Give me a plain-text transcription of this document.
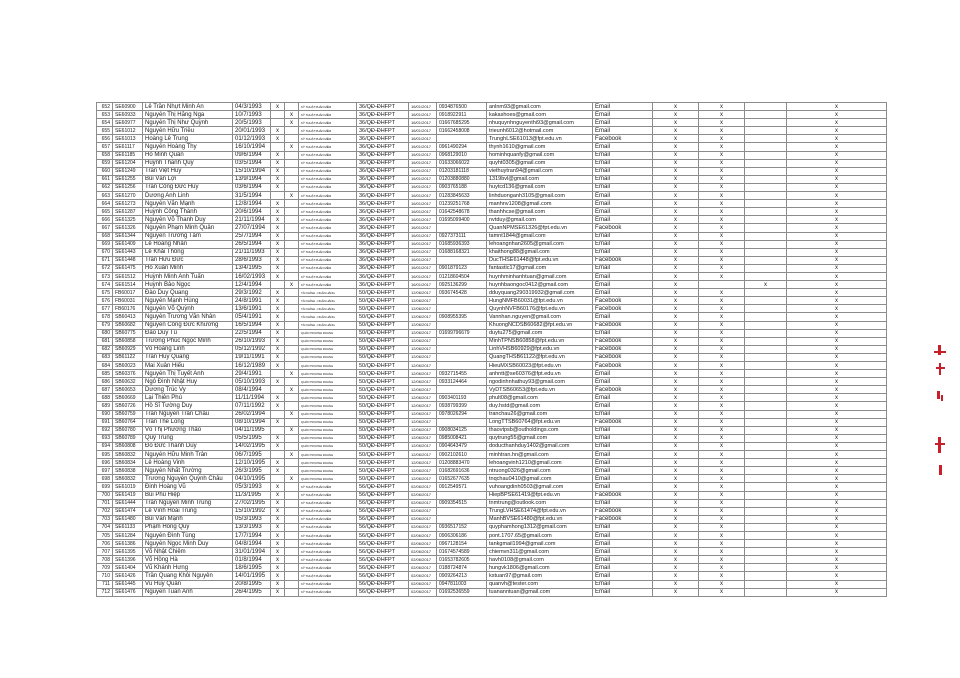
652	SE60900	Lê Trần Nhựt Minh An	04/3/1993	x		KỸ THUẬT PHẦN MỀM	36/QĐ-ĐHFPT	16/01/2017	0934876500	anlnm93@gmail.com	Email	x	x		x
653	SE60933	Nguyễn Thị Hằng Nga	10/7/1993		x	KỸ THUẬT PHẦN MỀM	36/QĐ-ĐHFPT	16/01/2017	0918922911	kakashoes@gmail.com	Email	x	x		x
654	SE60977	Nguyễn Thị Như Quỳnh	20/5/1993		x	KỸ THUẬT PHẦN MỀM	36/QĐ-ĐHFPT	16/01/2017	01667685295	nhuquynhnguyenthi93@gmail.com	Email	x	x		x
655	SE61012	Nguyễn Hữu Triều	20/01/1993	x		KỸ THUẬT PHẦN MỀM	36/QĐ-ĐHFPT	16/01/2017	01662458008	trieunh6012@hotmail.com	Email	x	x		x
656	SE61013	Hoàng Lê Trung	01/12/1993	x		KỸ THUẬT PHẦN MỀM	36/QĐ-ĐHFPT	16/01/2017		TrunghLSE61013@fpt.edu.vn	Facebook	x	x		x
657	SE61117	Nguyễn Hoàng Thy	16/10/1994		x	KỸ THUẬT PHẦN MỀM	36/QĐ-ĐHFPT	16/01/2017	0961490294	thynh1610@gmail.com	Email	x	x		x
658	SE61185	Hồ Minh Quân	09/6/1994	x		KỸ THUẬT PHẦN MỀM	36/QĐ-ĐHFPT	16/01/2017	0968129010	hominhquanfy@gmail.com	Email	x	x		x
659	SE61204	Huỳnh Thanh Quý	03/5/1994	x		KỸ THUẬT PHẦN MỀM	36/QĐ-ĐHFPT	16/01/2017	01633066022	quyht0305@gmail.com	Email	x	x		x
660	SE61249	Trần Việt Huy	15/10/1994	x		KỸ THUẬT PHẦN MỀM	36/QĐ-ĐHFPT	16/01/2017	01203181118	viethuytran94@gmail.com	Email	x	x		x
661	SE61255	Bùi Văn Lợi	13/9/1994	x		KỸ THUẬT PHẦN MỀM	36/QĐ-ĐHFPT	16/01/2017	01203880880	1319bvl@gmail.com	Email	x	x		x
662	SE61256	Trần Công Đức Huy	03/6/1994	x		KỸ THUẬT PHẦN MỀM	36/QĐ-ĐHFPT	16/01/2017	0903765188	huytcd136@gmail.com	Email	x	x		x
663	SE61270	Dương Anh Linh	31/5/1994		x	KỸ THUẬT PHẦN MỀM	36/QĐ-ĐHFPT	16/01/2017	01283845633	linhduonganh3105@gmail.com	Email	x	x		x
664	SE61273	Nguyễn Văn Mạnh	12/8/1994	x		KỸ THUẬT PHẦN MỀM	36/QĐ-ĐHFPT	16/01/2017	01239251768	manhnv1208@gmail.com	Email	x	x		x
665	SE61287	Huỳnh Công Thành	20/6/1994	x		KỸ THUẬT PHẦN MỀM	36/QĐ-ĐHFPT	16/01/2017	01642548678	thanhhcse@gmail.com	Email	x	x		x
666	SE61325	Nguyễn Võ Thanh Duy	21/11/1994	x		KỸ THUẬT PHẦN MỀM	36/QĐ-ĐHFPT	16/01/2017	01695099400	nvtduy@gmail.com	Email	x	x		x
667	SE61326	Nguyễn Phạm Minh Quân	27/07/1994	x		KỸ THUẬT PHẦN MỀM	36/QĐ-ĐHFPT	16/01/2017		QuanNPMSE61326@fpt.edu.vn	Facebook	x	x		x
668	SE61344	Nguyễn Trường Tâm	25/7/1994	x		KỸ THUẬT PHẦN MỀM	36/QĐ-ĐHFPT	16/01/2017	0927373111	tamnt1844@gmail.com	Email	x	x		x
669	SE61409	Lê Hoàng Nhân	26/5/1994	x		KỸ THUẬT PHẦN MỀM	36/QĐ-ĐHFPT	16/01/2017	01685936393	lehoangnhan2605@gmail.com	Email	x	x		x
670	SE61443	Lê Khải Thông	21/11/1993	x		KỸ THUẬT PHẦN MỀM	36/QĐ-ĐHFPT	16/01/2017	01688168321	khaithong88@gmail.com	Email	x	x		x
671	SE61448	Trần Hữu Đức	28/6/1993	x		KỸ THUẬT PHẦN MỀM	36/QĐ-ĐHFPT	16/01/2017		DucTHSE61448@fpt.edu.vn	Facebook	x	x		x
672	SE61475	Hồ Xuân Minh	13/4/1995	x		KỸ THUẬT PHẦN MỀM	36/QĐ-ĐHFPT	16/01/2017	0901879123	fantastic17@gmail.com	Email	x	x		x
673	SE61512	Huỳnh Minh Anh Tuấn	16/02/1993	x		KỸ THUẬT PHẦN MỀM	36/QĐ-ĐHFPT	16/01/2017	01218604504	huynhminhanhtuan@gmail.com	Email	x	x		x
674	SE61514	Huỳnh Bảo Ngọc	12/4/1994		x	KỸ THUẬT PHẦN MỀM	36/QĐ-ĐHFPT	16/01/2017	0925136299	huynhbaongoc0412@gmail.com	Email	x		x	x
675	FB60017	Đào Duy Quang	29/3/1992	x		TÀI CHÍNH - NGÂN HÀNG	50/QĐ-ĐHFPT	12/06/2017	0936745428	dduyquang290319932@gmail.com	Email	x	x		x
676	FB60031	Nguyễn Mạnh Hùng	24/8/1991	x		TÀI CHÍNH - NGÂN HÀNG	50/QĐ-ĐHFPT	12/06/2017		HungNMFB60031@fpt.edu.vn	Facebook	x	x		x
677	FB60176	Nguyễn Võ Quỳnh	13/6/1991	x		TÀI CHÍNH - NGÂN HÀNG	50/QĐ-ĐHFPT	12/06/2017		QuynhNVFB60176@fpt.edu.vn	Facebook	x	x		x
678	SB60413	Nguyễn Trương Văn Nhân	05/4/1991	x		TÀI CHÍNH - NGÂN HÀNG	50/QĐ-ĐHFPT	12/06/2017	0908955395	Vannhan.nguyen@gmail.com	Email	x	x		x
679	SB60682	Nguyễn Công Đức Khương	16/5/1994	x		TÀI CHÍNH - NGÂN HÀNG	50/QĐ-ĐHFPT	12/06/2017		KhuongNCDSB60682@fpt.edu.vn	Facebook	x	x		x
680	SB60775	Đào Duy Tú	22/5/1994	x		QUẢN TRỊ KINH DOANH	50/QĐ-ĐHFPT	12/06/2017	01699796679	duytu275@gmail.com	Email	x	x		x
681	SB60858	Trương Phúc Ngọc Minh	26/10/1993	x		QUẢN TRỊ KINH DOANH	50/QĐ-ĐHFPT	12/06/2017		MinhTPNSB60858@fpt.edu.vn	Facebook	x	x		x
682	SB60929	Võ Hoàng Linh	05/12/1992	x		QUẢN TRỊ KINH DOANH	50/QĐ-ĐHFPT	12/06/2017		LinhVHSB60929@fpt.edu.vn	Facebook	x	x		x
683	SB61122	Trần Huy Quang	19/11/1991	x		QUẢN TRỊ KINH DOANH	50/QĐ-ĐHFPT	12/06/2017		QuangTHSB61122@fpt.edu.vn	Facebook	x	x		x
684	SB60023	Mai Xuân Hiếu	16/12/1989	x		QUẢN TRỊ KINH DOANH	50/QĐ-ĐHFPT	12/06/2017		HieuMXSB60023@fpt.edu.vn	Facebook	x	x		x
685	SB60376	Nguyễn Thị Tuyết Anh	29/4/1991		x	QUẢN TRỊ KINH DOANH	50/QĐ-ĐHFPT	12/06/2017	0932715455	anhntt@se60376@fpt.edu.vn	Email	x	x		x
686	SB60632	Ngô Đình Nhật Huy	05/10/1993	x		QUẢN TRỊ KINH DOANH	50/QĐ-ĐHFPT	12/06/2017	0933124464	ngodinhnhathuy93@gmail.com	Email	x	x		x
687	SB60653	Dương Trúc Vy	08/4/1994		x	QUẢN TRỊ KINH DOANH	50/QĐ-ĐHFPT	12/06/2017		VyDTSB60653@fpt.edu.vn	Facebook	x	x		x
688	SB60669	Lại Thiên Phú	11/11/1994	x		QUẢN TRỊ KINH DOANH	50/QĐ-ĐHFPT	12/06/2017	0903401193	phult08@gmail.com	Email	x	x		x
689	SB60726	Hồ Sĩ Tường Duy	07/11/1992	x		QUẢN TRỊ KINH DOANH	50/QĐ-ĐHFPT	12/06/2017	0938799399	duy.hstd@gmail.com	Email	x	x		x
690	SB60759	Trần Nguyễn Trân Châu	26/02/1994		x	QUẢN TRỊ KINH DOANH	50/QĐ-ĐHFPT	12/06/2017	0978026294	tranchau26@gmail.com	Email	x	x		x
691	SB60764	Trần Thế Long	08/10/1994	x		QUẢN TRỊ KINH DOANH	50/QĐ-ĐHFPT	12/06/2017		LongTTSB60764@fpt.edu.vn	Facebook	x	x		x
692	SB60780	Võ Thị Phương Thảo	04/11/1995		x	QUẢN TRỊ KINH DOANH	50/QĐ-ĐHFPT	12/06/2017	0908034125	thaovtpsb@outholdings.com	Email	x	x		x
693	SB60789	Quý Trung	05/5/1995	x		QUẢN TRỊ KINH DOANH	50/QĐ-ĐHFPT	12/06/2017	0985008421	quytrung55@gmail.com	Email	x	x		x
694	SB60808	Đỗ Đức Thanh Duy	14/02/1995	x		QUẢN TRỊ KINH DOANH	50/QĐ-ĐHFPT	12/06/2017	0904643479	doducthanhduy1402@gmail.com	Email	x	x		x
695	SB60832	Nguyễn Hữu Minh Trân	06/7/1995		x	QUẢN TRỊ KINH DOANH	50/QĐ-ĐHFPT	12/06/2017	0902102610	minhtran.hn@gmail.com	Email	x	x		x
696	SB60834	Lê Hoàng Vinh	12/10/1995	x		QUẢN TRỊ KINH DOANH	50/QĐ-ĐHFPT	12/06/2017	01208883470	lehoangvinh1210@gmail.com	Email	x	x		x
697	SB60838	Nguyễn Nhất Trường	26/3/1995	x		QUẢN TRỊ KINH DOANH	50/QĐ-ĐHFPT	12/06/2017	01682691636	ntruong0326@gmail.com	Email	x	x		x
698	SB60832	Trương Nguyễn Quỳnh Châu	04/10/1995		x	QUẢN TRỊ KINH DOANH	50/QĐ-ĐHFPT	12/06/2017	01652677635	tnqchau0410@gmail.com	Email	x	x		x
699	SE61019	Đinh Hoàng Vũ	05/3/1993	x		KỸ THUẬT PHẦN MỀM	56/QĐ-ĐHFPT	02/06/2017	0912549571	vuhoangdinh0503@gmail.com	Email	x	x		x
700	SE61419	Bùi Phú Hiệp	11/3/1995	x		KỸ THUẬT PHẦN MỀM	56/QĐ-ĐHFPT	02/06/2017		HiepBPSE61419@fpt.edu.vn	Facebook	x	x		x
701	SE61444	Trần Nguyễn Minh Trung	27/02/1995	x		KỸ THUẬT PHẦN MỀM	56/QĐ-ĐHFPT	02/06/2017	0909354515	tnmtrung@outlook.com	Email	x	x		x
702	SE61474	Lê Vĩnh Hoài Trung	15/10/1992	x		KỸ THUẬT PHẦN MỀM	56/QĐ-ĐHFPT	02/06/2017		TrungLVHSE61474@fpt.edu.vn	Facebook	x	x		x
703	SE61480	Bùi Văn Mạnh	05/3/1993	x		KỸ THUẬT PHẦN MỀM	56/QĐ-ĐHFPT	02/06/2017		ManhBVSE61480@fpt.edu.vn	Facebook	x	x		x
704	SE61133	Phạm Hồng Quý	13/3/1993	x		KỸ THUẬT PHẦN MỀM	56/QĐ-ĐHFPT	02/06/2017	0936517152	quyphamhong1312@gmail.com	Email	x	x		x
705	SE61284	Nguyễn Đình Tùng	17/7/1994	x		KỸ THUẬT PHẦN MỀM	56/QĐ-ĐHFPT	02/06/2017	0906306186	pont.1707.65@gmail.com	Email	x	x		x
706	SE61386	Nguyễn Ngọc Minh Duy	04/8/1994	x		KỸ THUẬT PHẦN MỀM	56/QĐ-ĐHFPT	02/06/2017	0967128154	tankgmail1994@gmail.com	Email	x	x		x
707	SE61395	Võ Nhật Chiêm	31/01/1994	x		KỸ THUẬT PHẦN MỀM	56/QĐ-ĐHFPT	02/06/2017	01674574589	chiemvn311@gmail.com	Email	x	x		x
708	SE61396	Võ Hồng Hà	01/8/1994	x		KỸ THUẬT PHẦN MỀM	56/QĐ-ĐHFPT	02/06/2017	01653782605	havh0108@gmail.com	Email	x	x		x
709	SE61404	Vũ Khánh Hưng	18/6/1995	x		KỸ THUẬT PHẦN MỀM	56/QĐ-ĐHFPT	02/06/2017	0188724874	hungvk1806@gmail.com	Email	x	x		x
710	SE61426	Trần Quang Khôi Nguyên	14/01/1995	x		KỸ THUẬT PHẦN MỀM	56/QĐ-ĐHFPT	02/06/2017	0909264213	kstuan97@gmail.com	Email	x	x		x
711	SE61445	Vũ Huy Quân	20/8/1995	x		KỸ THUẬT PHẦN MỀM	56/QĐ-ĐHFPT	02/06/2017	0947811003	quanvh@tester.com	Email	x	x		x
712	SE61476	Nguyễn Tuấn Anh	26/4/1995	x		KỸ THUẬT PHẦN MỀM	56/QĐ-ĐHFPT	02/06/2017	01692536559	tuananntuan@gmail.com	Email	x	x		x
